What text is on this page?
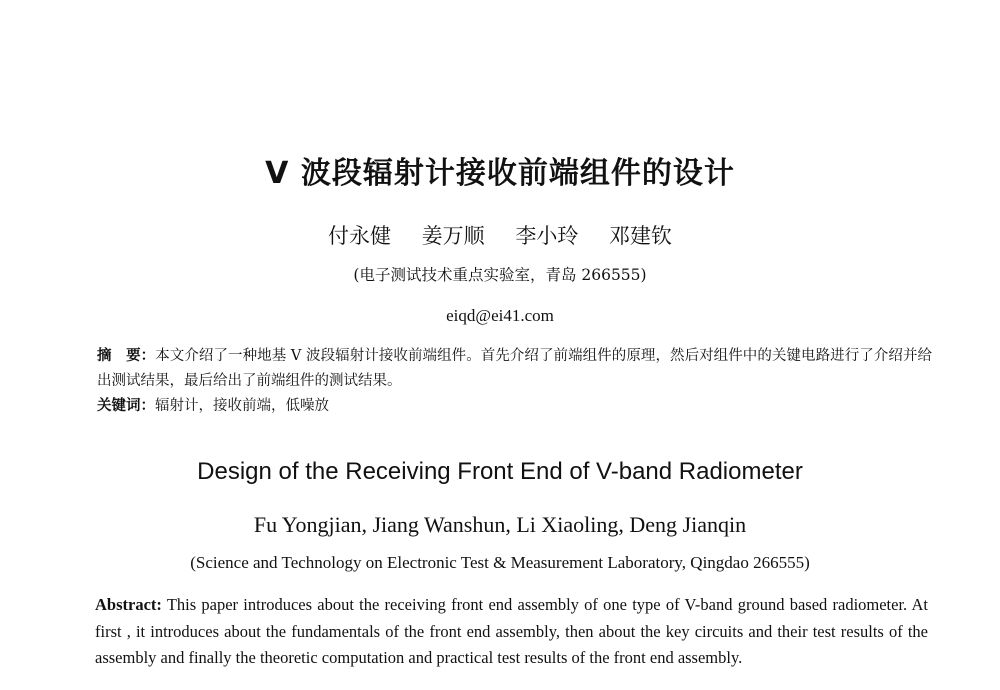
V 波段辐射计接收前端组件的设计
付永健 姜万顺 李小玲 邓建钦
(电子测试技术重点实验室，青岛 266555)
eiqd@ei41.com
摘　要：本文介绍了一种地基 V 波段辐射计接收前端组件。首先介绍了前端组件的原理，然后对组件中的关键电路进行了介绍并给出测试结果，最后给出了前端组件的测试结果。
关键词：辐射计，接收前端，低噪放
Design of the Receiving Front End of V-band Radiometer
Fu Yongjian, Jiang Wanshun, Li Xiaoling, Deng Jianqin
(Science and Technology on Electronic Test & Measurement Laboratory, Qingdao 266555)
Abstract: This paper introduces about the receiving front end assembly of one type of V-band ground based radiometer. At first , it introduces about the fundamentals of the front end assembly, then about the key circuits and their test results of the assembly and finally the theoretic computation and practical test results of the front end assembly.
